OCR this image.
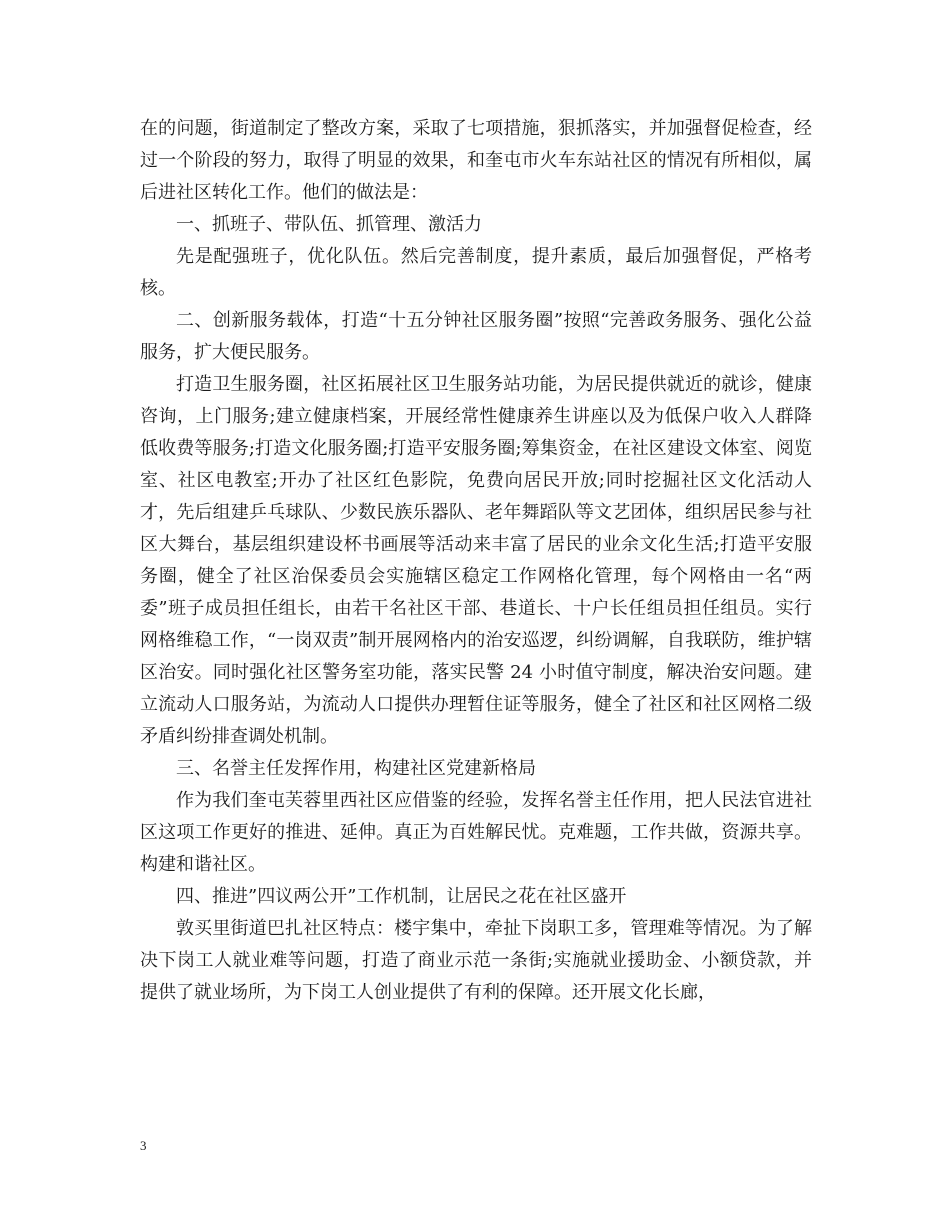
在的问题，街道制定了整改方案，采取了七项措施，狠抓落实，并加强督促检查，经过一个阶段的努力，取得了明显的效果，和奎屯市火车东站社区的情况有所相似，属后进社区转化工作。他们的做法是：

一、抓班子、带队伍、抓管理、激活力

先是配强班子，优化队伍。然后完善制度，提升素质，最后加强督促，严格考核。

二、创新服务载体，打造“十五分钟社区服务圈”按照“完善政务服务、强化公益服务，扩大便民服务。

打造卫生服务圈，社区拓展社区卫生服务站功能，为居民提供就近的就诊，健康咨询，上门服务;建立健康档案，开展经常性健康养生讲座以及为低保户收入人群降低收费等服务;打造文化服务圈;打造平安服务圈;筹集资金，在社区建设文体室、阅览室、社区电教室;开办了社区红色影院，免费向居民开放;同时挖掘社区文化活动人才，先后组建乒乓球队、少数民族乐器队、老年舞蹈队等文艺团体，组织居民参与社区大舞台，基层组织建设杯书画展等活动来丰富了居民的业余文化生活;打造平安服务圈，健全了社区治保委员会实施辖区稳定工作网格化管理，每个网格由一名“两委”班子成员担任组长，由若干名社区干部、巷道长、十户长任组员担任组员。实行网格维稳工作，“一岗双责”制开展网格内的治安巡逻，纠纷调解，自我联防，维护辖区治安。同时强化社区警务室功能，落实民警 24 小时值守制度，解决治安问题。建立流动人口服务站，为流动人口提供办理暂住证等服务，健全了社区和社区网格二级矛盾纠纷排查调处机制。

三、名誉主任发挥作用，构建社区党建新格局

作为我们奎屯芙蓉里西社区应借鉴的经验，发挥名誉主任作用，把人民法官进社区这项工作更好的推进、延伸。真正为百姓解民忧。克难题，工作共做，资源共享。构建和谐社区。

四、推进”四议两公开”工作机制，让居民之花在社区盛开

敦买里街道巴扎社区特点：楼宇集中，牵扯下岗职工多，管理难等情况。为了解决下岗工人就业难等问题，打造了商业示范一条街;实施就业援助金、小额贷款，并提供了就业场所，为下岗工人创业提供了有利的保障。还开展文化长廊，

3
